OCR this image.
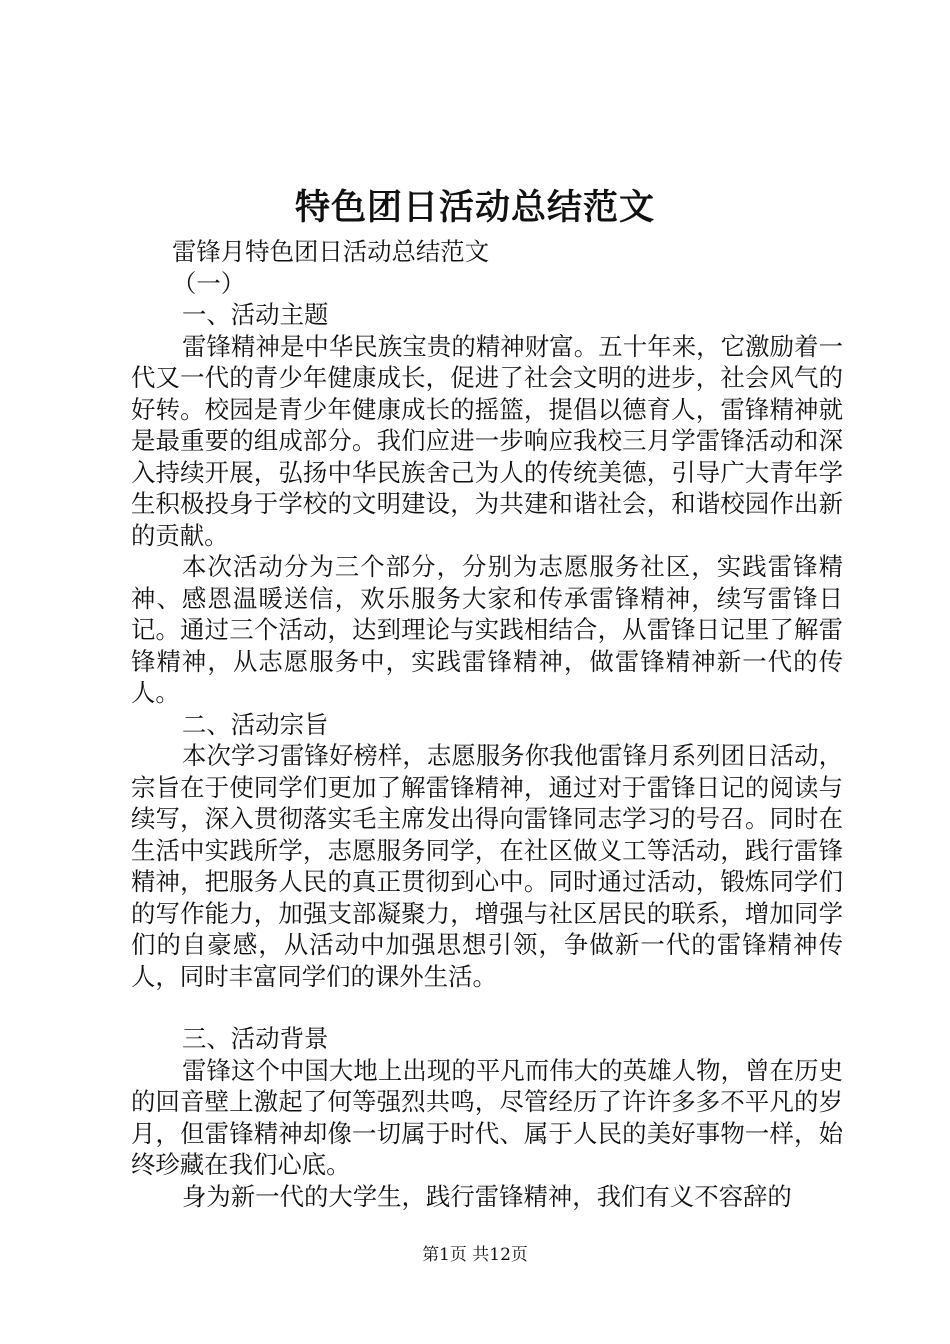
特色团日活动总结范文

雷锋月特色团日活动总结范文

（一）

一、活动主题

雷锋精神是中华民族宝贵的精神财富。五十年来，它激励着一代又一代的青少年健康成长，促进了社会文明的进步，社会风气的好转。校园是青少年健康成长的摇篮，提倡以德育人，雷锋精神就是最重要的组成部分。我们应进一步响应我校三月学雷锋活动和深入持续开展，弘扬中华民族舍己为人的传统美德，引导广大青年学生积极投身于学校的文明建设，为共建和谐社会，和谐校园作出新的贡献。

本次活动分为三个部分，分别为志愿服务社区，实践雷锋精神、感恩温暖送信，欢乐服务大家和传承雷锋精神，续写雷锋日记。通过三个活动，达到理论与实践相结合，从雷锋日记里了解雷锋精神，从志愿服务中，实践雷锋精神，做雷锋精神新一代的传人。

二、活动宗旨

本次学习雷锋好榜样，志愿服务你我他雷锋月系列团日活动，宗旨在于使同学们更加了解雷锋精神，通过对于雷锋日记的阅读与续写，深入贯彻落实毛主席发出得向雷锋同志学习的号召。同时在生活中实践所学，志愿服务同学，在社区做义工等活动，践行雷锋精神，把服务人民的真正贯彻到心中。同时通过活动，锻炼同学们的写作能力，加强支部凝聚力，增强与社区居民的联系，增加同学们的自豪感，从活动中加强思想引领，争做新一代的雷锋精神传人，同时丰富同学们的课外生活。

三、活动背景

雷锋这个中国大地上出现的平凡而伟大的英雄人物，曾在历史的回音壁上激起了何等强烈共鸣，尽管经历了许许多多不平凡的岁月，但雷锋精神却像一切属于时代、属于人民的美好事物一样，始终珍藏在我们心底。

身为新一代的大学生，践行雷锋精神，我们有义不容辞的

第1页 共12页
